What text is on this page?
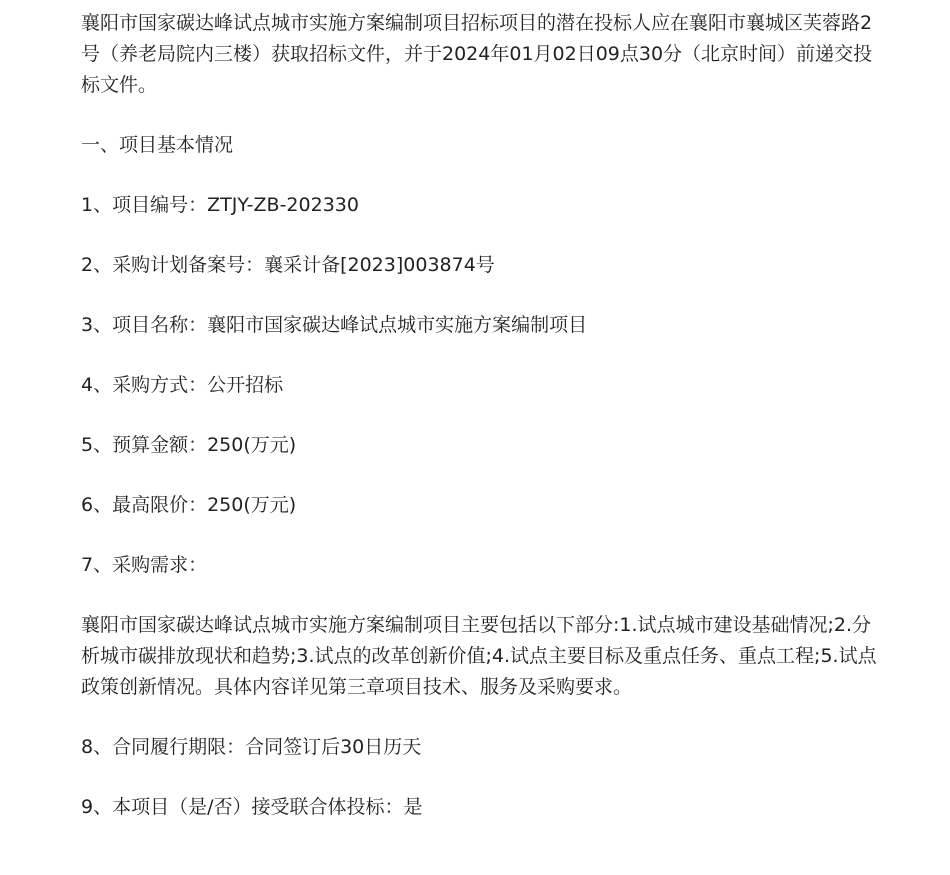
襄阳市国家碳达峰试点城市实施方案编制项目招标项目的潜在投标人应在襄阳市襄城区芙蓉路2号（养老局院内三楼）获取招标文件，并于2024年01月02日09点30分（北京时间）前递交投标文件。

一、项目基本情况
1、项目编号：ZTJY-ZB-202330
2、采购计划备案号：襄采计备[2023]003874号
3、项目名称：襄阳市国家碳达峰试点城市实施方案编制项目
4、采购方式：公开招标
5、预算金额：250(万元)
6、最高限价：250(万元)
7、采购需求：

襄阳市国家碳达峰试点城市实施方案编制项目主要包括以下部分:1.试点城市建设基础情况;2.分析城市碳排放现状和趋势;3.试点的改革创新价值;4.试点主要目标及重点任务、重点工程;5.试点政策创新情况。具体内容详见第三章项目技术、服务及采购要求。

8、合同履行期限：合同签订后30日历天
9、本项目（是/否）接受联合体投标：是
